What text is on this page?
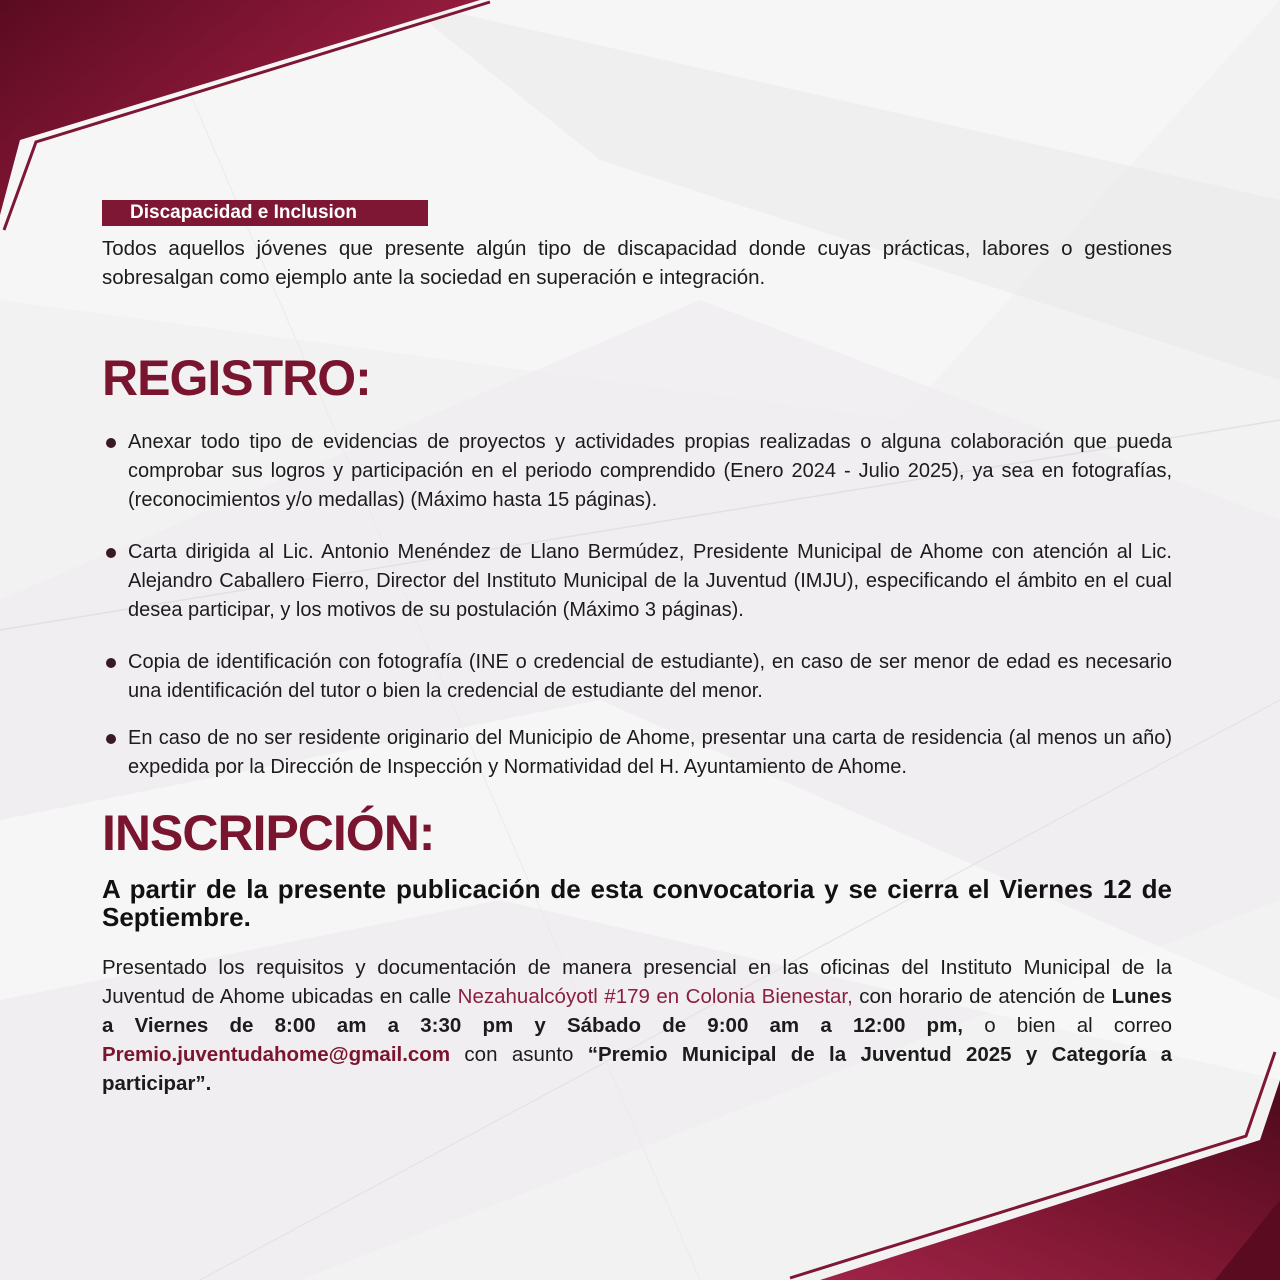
Discapacidad e Inclusion

Todos aquellos jóvenes que presente algún tipo de discapacidad donde cuyas prácticas, labores o gestiones sobresalgan como ejemplo ante la sociedad en superación e integración.

REGISTRO:
Anexar todo tipo de evidencias de proyectos y actividades propias realizadas o alguna colaboración que pueda comprobar sus logros y participación en el periodo comprendido (Enero 2024 - Julio 2025), ya sea en fotografías, (reconocimientos y/o medallas) (Máximo hasta 15 páginas).
Carta dirigida al Lic. Antonio Menéndez de Llano Bermúdez, Presidente Municipal de Ahome con atención al Lic. Alejandro Caballero Fierro, Director del Instituto Municipal de la Juventud (IMJU), especificando el ámbito en el cual desea participar, y los motivos de su postulación (Máximo 3 páginas).
Copia de identificación con fotografía (INE o credencial de estudiante), en caso de ser menor de edad es necesario una identificación del tutor o bien la credencial de estudiante del menor.
En caso de no ser residente originario del Municipio de Ahome, presentar una carta de residencia (al menos un año) expedida por la Dirección de Inspección y Normatividad del H. Ayuntamiento de Ahome.
INSCRIPCIÓN:

A partir de la presente publicación de esta convocatoria y se cierra el Viernes 12 de Septiembre.

Presentado los requisitos y documentación de manera presencial en las oficinas del Instituto Municipal de la Juventud de Ahome ubicadas en calle Nezahualcóyotl #179 en Colonia Bienestar, con horario de atención de Lunes a Viernes de 8:00 am a 3:30 pm y Sábado de 9:00 am a 12:00 pm, o bien al correo Premio.juventudahome@gmail.com con asunto “Premio Municipal de la Juventud 2025 y Categoría a participar”.
